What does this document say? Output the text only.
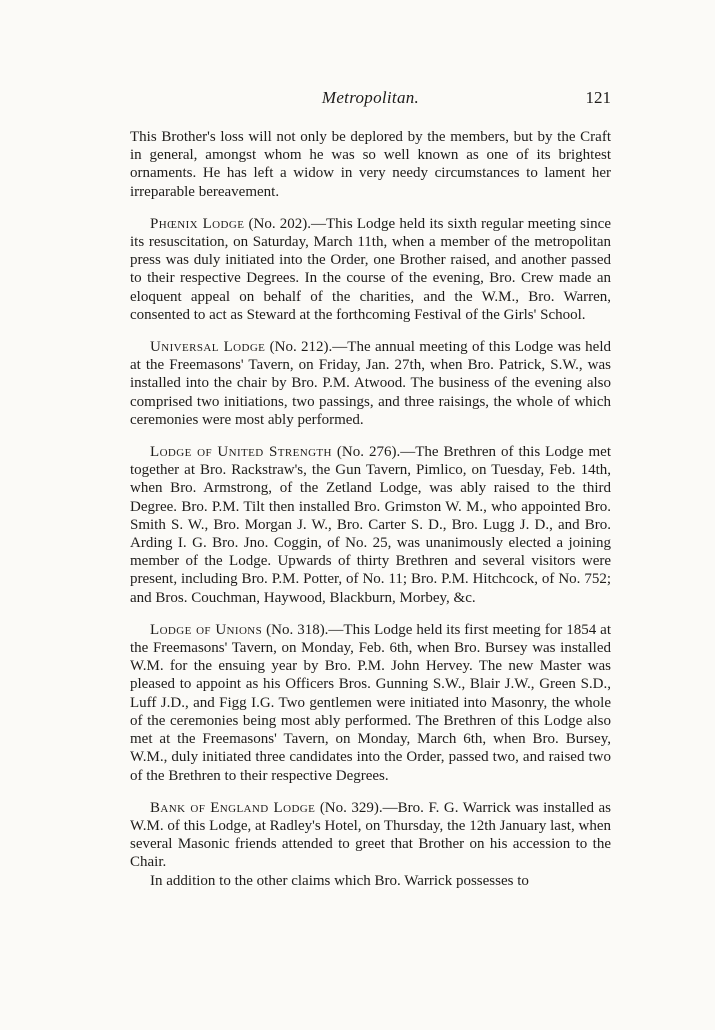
Metropolitan.	121

This Brother's loss will not only be deplored by the members, but by the Craft in general, amongst whom he was so well known as one of its brightest ornaments. He has left a widow in very needy circumstances to lament her irreparable bereavement.

Phœnix Lodge (No. 202).—This Lodge held its sixth regular meeting since its resuscitation, on Saturday, March 11th, when a member of the metropolitan press was duly initiated into the Order, one Brother raised, and another passed to their respective Degrees. In the course of the evening, Bro. Crew made an eloquent appeal on behalf of the charities, and the W.M., Bro. Warren, consented to act as Steward at the forthcoming Festival of the Girls' School.

Universal Lodge (No. 212).—The annual meeting of this Lodge was held at the Freemasons' Tavern, on Friday, Jan. 27th, when Bro. Patrick, S.W., was installed into the chair by Bro. P.M. Atwood. The business of the evening also comprised two initiations, two passings, and three raisings, the whole of which ceremonies were most ably performed.

Lodge of United Strength (No. 276).—The Brethren of this Lodge met together at Bro. Rackstraw's, the Gun Tavern, Pimlico, on Tuesday, Feb. 14th, when Bro. Armstrong, of the Zetland Lodge, was ably raised to the third Degree. Bro. P.M. Tilt then installed Bro. Grimston W. M., who appointed Bro. Smith S. W., Bro. Morgan J. W., Bro. Carter S. D., Bro. Lugg J. D., and Bro. Arding I. G. Bro. Jno. Coggin, of No. 25, was unanimously elected a joining member of the Lodge. Upwards of thirty Brethren and several visitors were present, including Bro. P.M. Potter, of No. 11; Bro. P.M. Hitchcock, of No. 752; and Bros. Couchman, Haywood, Blackburn, Morbey, &c.

Lodge of Unions (No. 318).—This Lodge held its first meeting for 1854 at the Freemasons' Tavern, on Monday, Feb. 6th, when Bro. Bursey was installed W.M. for the ensuing year by Bro. P.M. John Hervey. The new Master was pleased to appoint as his Officers Bros. Gunning S.W., Blair J.W., Green S.D., Luff J.D., and Figg I.G. Two gentlemen were initiated into Masonry, the whole of the ceremonies being most ably performed. The Brethren of this Lodge also met at the Freemasons' Tavern, on Monday, March 6th, when Bro. Bursey, W.M., duly initiated three candidates into the Order, passed two, and raised two of the Brethren to their respective Degrees.

Bank of England Lodge (No. 329).—Bro. F. G. Warrick was installed as W.M. of this Lodge, at Radley's Hotel, on Thursday, the 12th January last, when several Masonic friends attended to greet that Brother on his accession to the Chair.

In addition to the other claims which Bro. Warrick possesses to
